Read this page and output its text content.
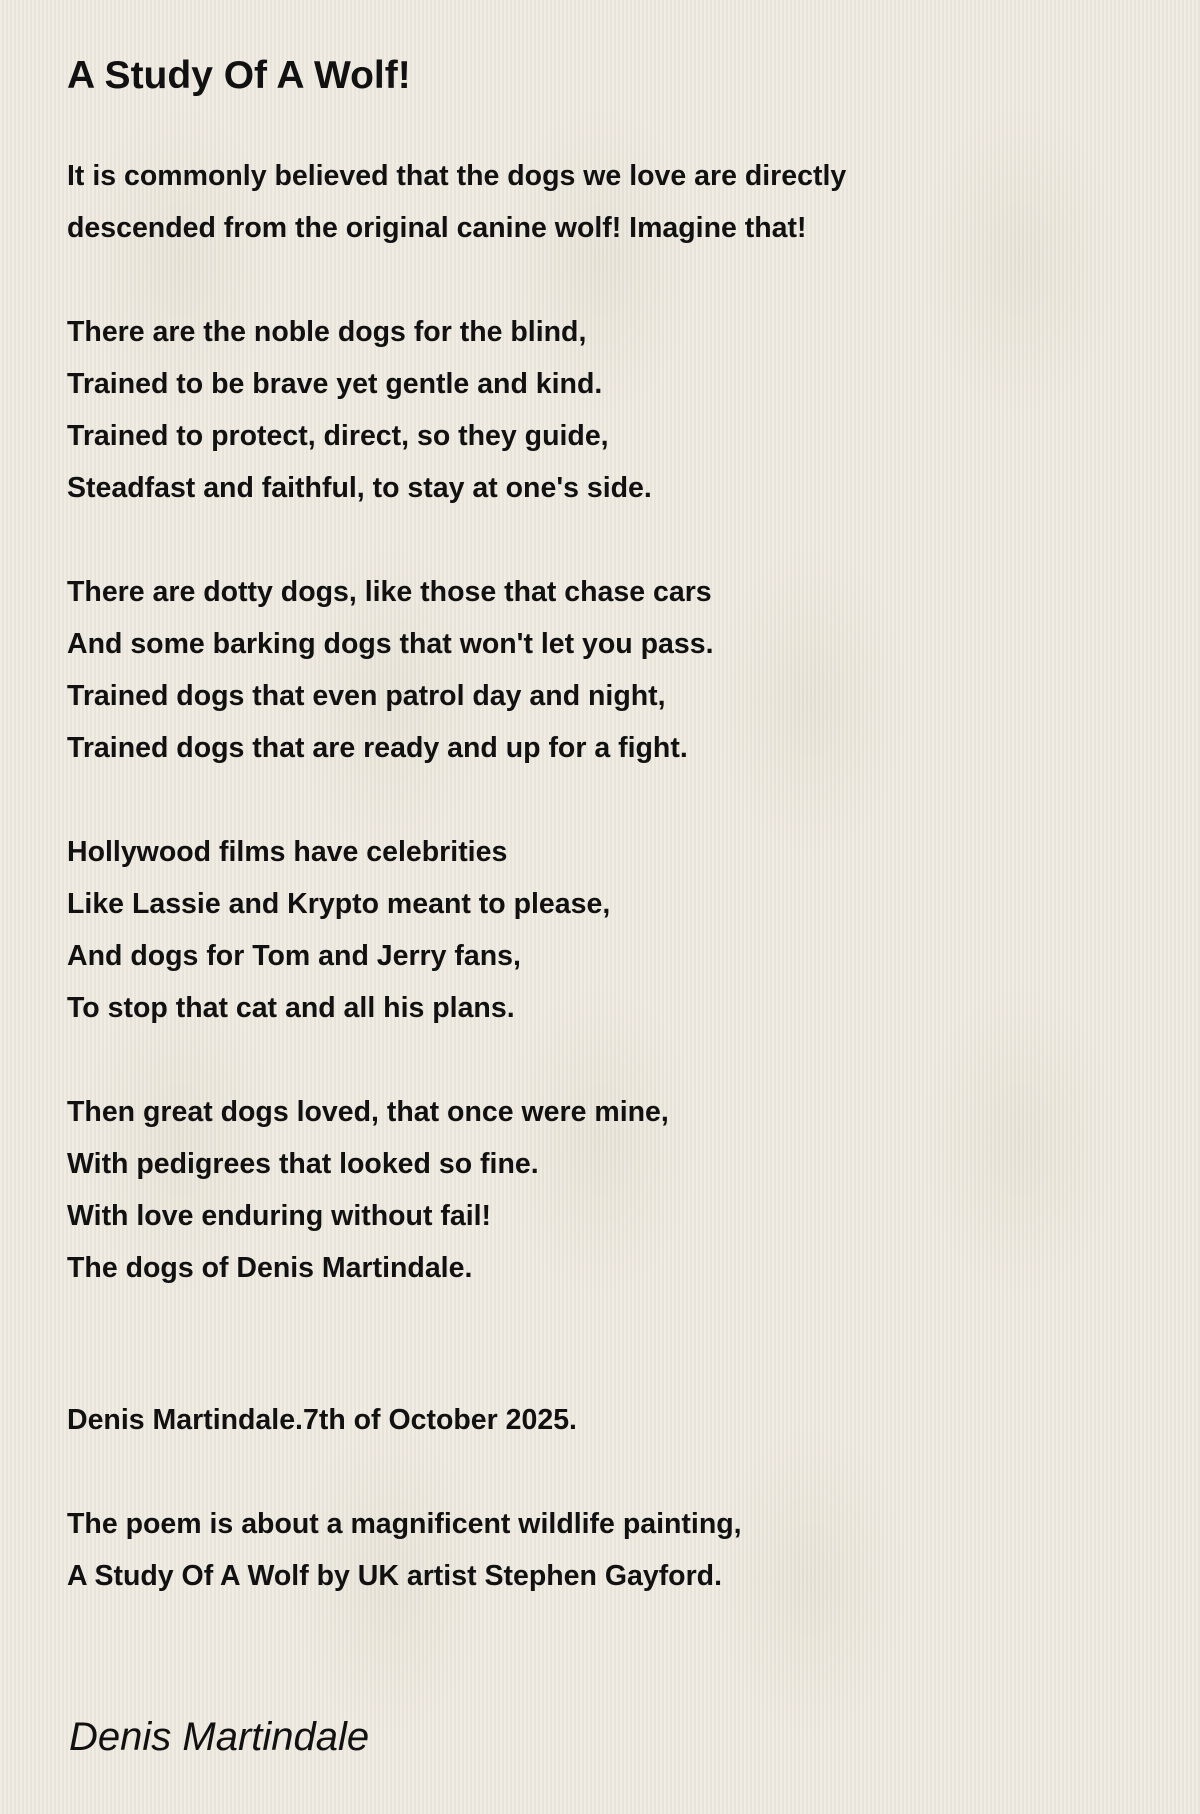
A Study Of A Wolf!
It is commonly believed that the dogs we love are directly
descended from the original canine wolf! Imagine that!
There are the noble dogs for the blind,
Trained to be brave yet gentle and kind.
Trained to protect, direct, so they guide,
Steadfast and faithful, to stay at one's side.
There are dotty dogs, like those that chase cars
And some barking dogs that won't let you pass.
Trained dogs that even patrol day and night,
Trained dogs that are ready and up for a fight.
Hollywood films have celebrities
Like Lassie and Krypto meant to please,
And dogs for Tom and Jerry fans,
To stop that cat and all his plans.
Then great dogs loved, that once were mine,
With pedigrees that looked so fine.
With love enduring without fail!
The dogs of Denis Martindale.
Denis Martindale.7th of October 2025.
The poem is about a magnificent wildlife painting,
A Study Of A Wolf by UK artist Stephen Gayford.
Denis Martindale
